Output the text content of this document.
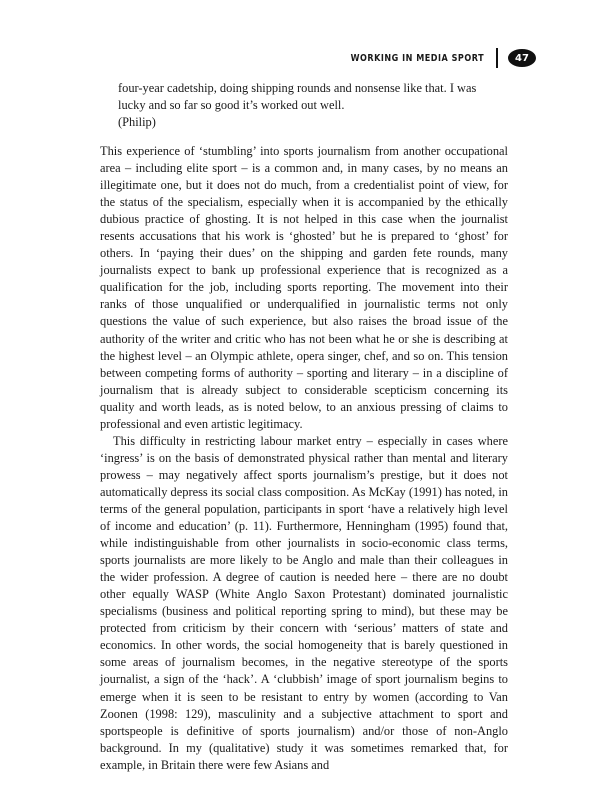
WORKING IN MEDIA SPORT	47

four-year cadetship, doing shipping rounds and nonsense like that. I was lucky and so far so good it’s worked out well.

(Philip)

This experience of ‘stumbling’ into sports journalism from another occupational area – including elite sport – is a common and, in many cases, by no means an illegitimate one, but it does not do much, from a credentialist point of view, for the status of the specialism, especially when it is accompanied by the ethically dubious practice of ghosting. It is not helped in this case when the journalist resents accusations that his work is ‘ghosted’ but he is prepared to ‘ghost’ for others. In ‘paying their dues’ on the shipping and garden fete rounds, many journalists expect to bank up professional experience that is recognized as a qualification for the job, including sports reporting. The movement into their ranks of those unqualified or underqualified in journalistic terms not only questions the value of such experience, but also raises the broad issue of the authority of the writer and critic who has not been what he or she is describing at the highest level – an Olympic athlete, opera singer, chef, and so on. This tension between competing forms of authority – sporting and literary – in a discipline of journalism that is already subject to considerable scepticism concerning its quality and worth leads, as is noted below, to an anxious pressing of claims to professional and even artistic legitimacy.

This difficulty in restricting labour market entry – especially in cases where ‘ingress’ is on the basis of demonstrated physical rather than mental and literary prowess – may negatively affect sports journalism’s prestige, but it does not automatically depress its social class composition. As McKay (1991) has noted, in terms of the general population, participants in sport ‘have a relatively high level of income and education’ (p. 11). Furthermore, Henningham (1995) found that, while indistinguishable from other journalists in socio-economic class terms, sports journalists are more likely to be Anglo and male than their colleagues in the wider profession. A degree of caution is needed here – there are no doubt other equally WASP (White Anglo Saxon Protestant) dominated journalistic specialisms (business and political reporting spring to mind), but these may be protected from criticism by their concern with ‘serious’ matters of state and economics. In other words, the social homogeneity that is barely questioned in some areas of journalism becomes, in the negative stereotype of the sports journalist, a sign of the ‘hack’. A ‘clubbish’ image of sport journalism begins to emerge when it is seen to be resistant to entry by women (according to Van Zoonen (1998: 129), masculinity and a subjective attachment to sport and sportspeople is definitive of sports journalism) and/or those of non-Anglo background. In my (qualitative) study it was sometimes remarked that, for example, in Britain there were few Asians and
